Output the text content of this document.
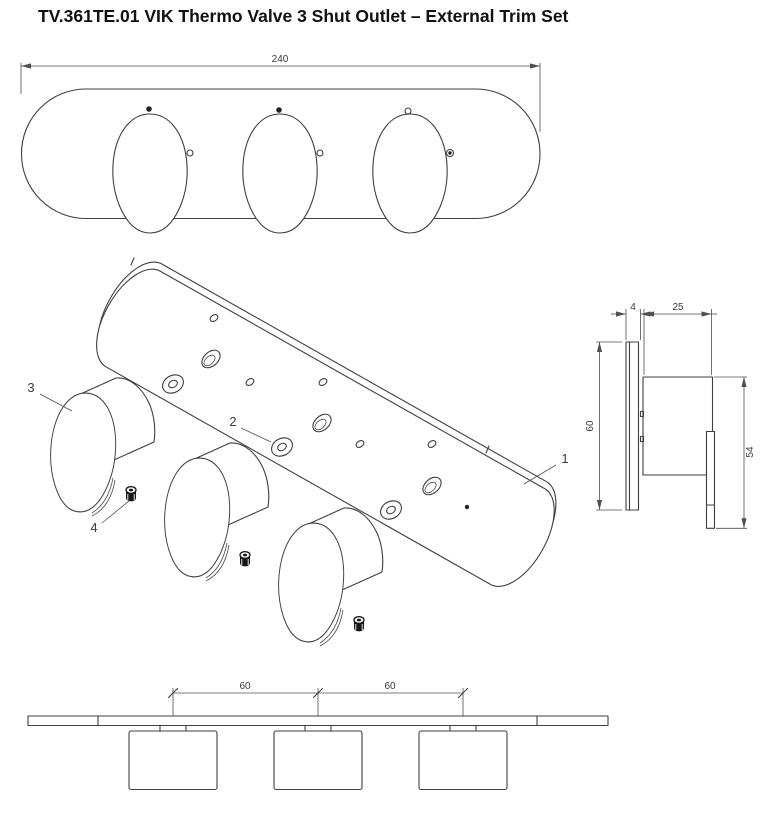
TV.361TE.01 VIK Thermo Valve 3 Shut Outlet – External Trim Set
240
3
2
4
1
4	25
60
54
60	60
